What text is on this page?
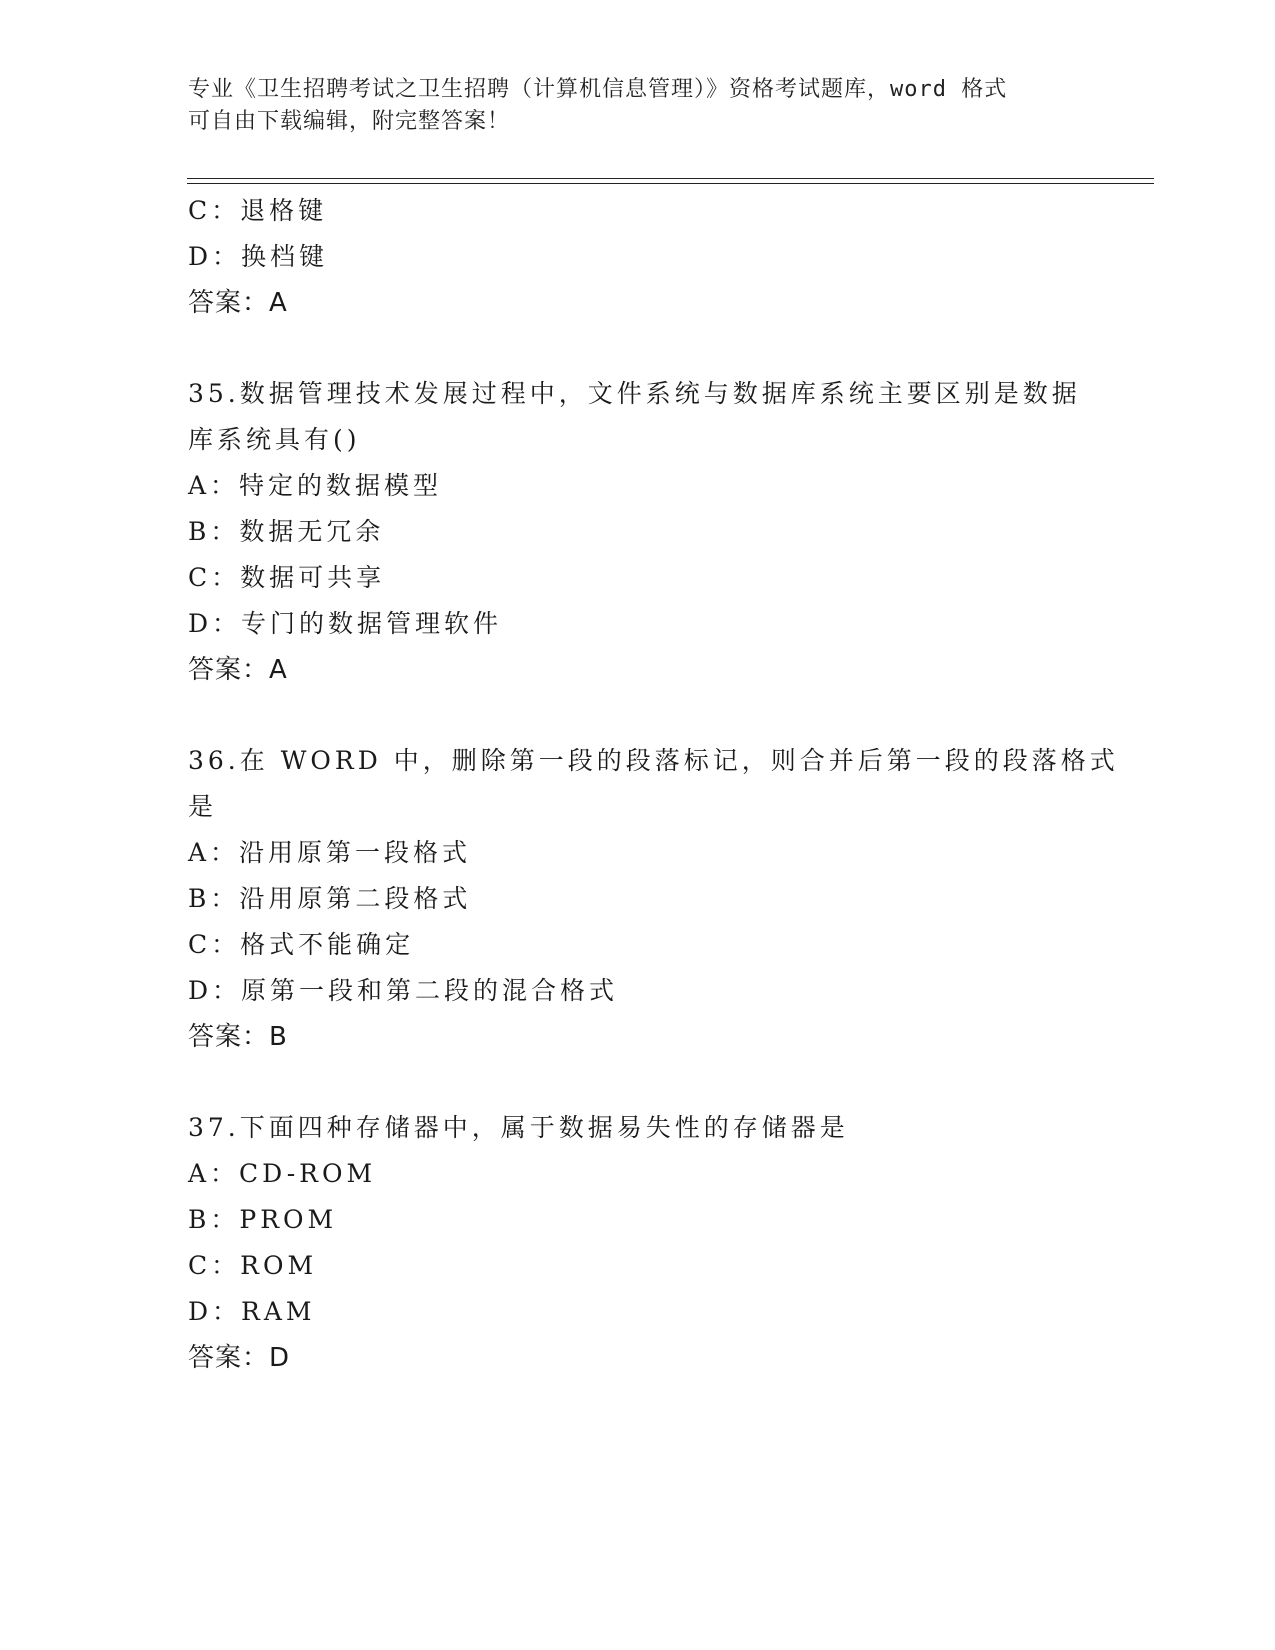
专业《卫生招聘考试之卫生招聘（计算机信息管理）》资格考试题库，word 格式
可自由下载编辑，附完整答案！
C：退格键
D：换档键
答案：A
35.数据管理技术发展过程中，文件系统与数据库系统主要区别是数据
库系统具有()
A：特定的数据模型
B：数据无冗余
C：数据可共享
D：专门的数据管理软件
答案：A
36.在 WORD 中，删除第一段的段落标记，则合并后第一段的段落格式
是
A：沿用原第一段格式
B：沿用原第二段格式
C：格式不能确定
D：原第一段和第二段的混合格式
答案：B
37.下面四种存储器中，属于数据易失性的存储器是
A：CD-ROM
B：PROM
C：ROM
D：RAM
答案：D
